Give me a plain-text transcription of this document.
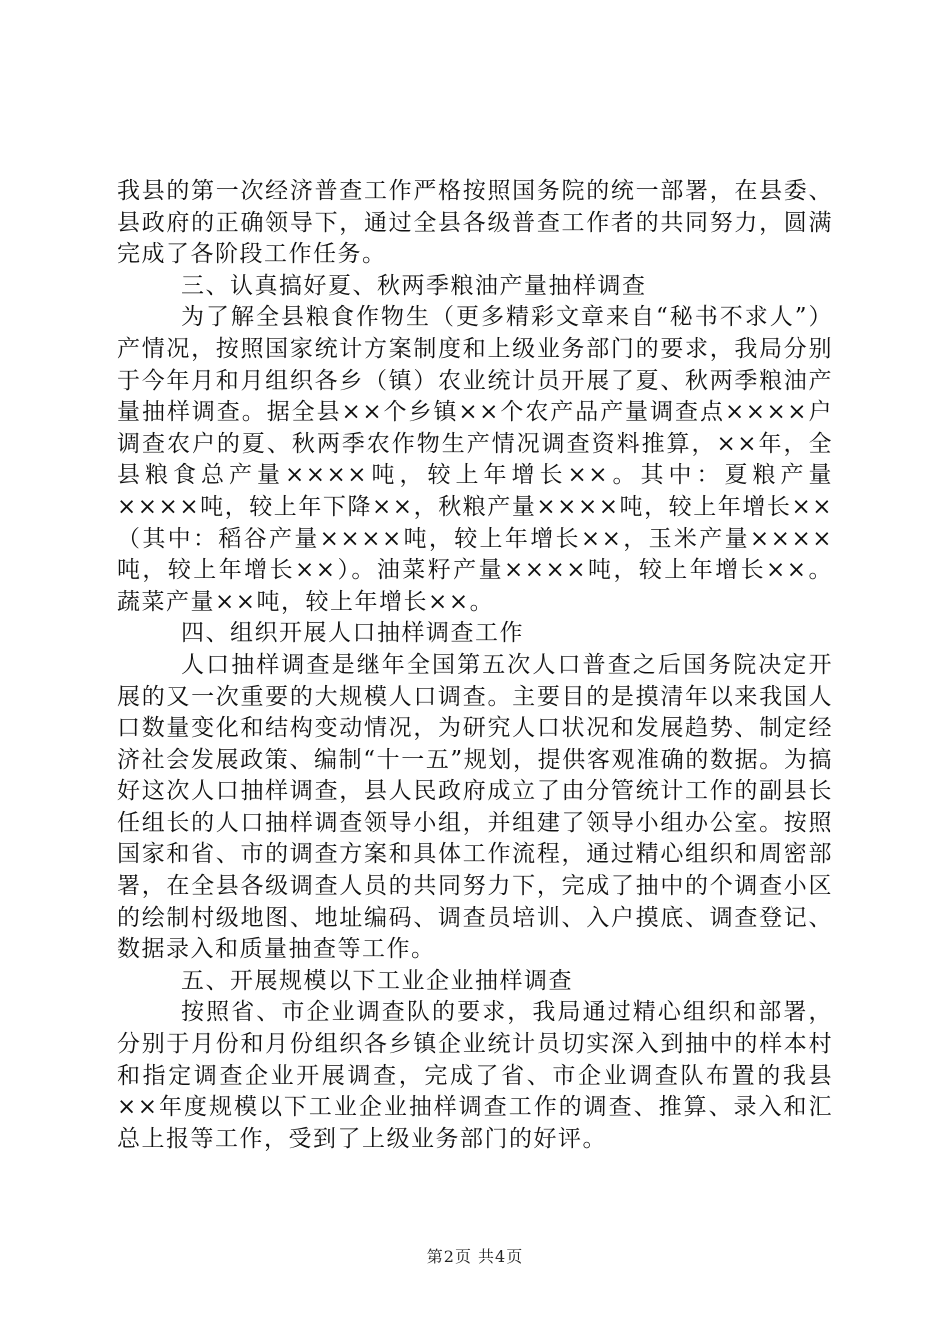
我县的第一次经济普查工作严格按照国务院的统一部署，在县委、县政府的正确领导下，通过全县各级普查工作者的共同努力，圆满完成了各阶段工作任务。

三、认真搞好夏、秋两季粮油产量抽样调查

为了解全县粮食作物生（更多精彩文章来自“秘书不求人”）产情况，按照国家统计方案制度和上级业务部门的要求，我局分别于今年月和月组织各乡（镇）农业统计员开展了夏、秋两季粮油产量抽样调查。据全县××个乡镇××个农产品产量调查点××××户调查农户的夏、秋两季农作物生产情况调查资料推算，××年，全县粮食总产量××××吨，较上年增长××。其中：夏粮产量××××吨，较上年下降××，秋粮产量××××吨，较上年增长××（其中：稻谷产量××××吨，较上年增长××，玉米产量××××吨，较上年增长××）。油菜籽产量××××吨，较上年增长××。蔬菜产量××吨，较上年增长××。

四、组织开展人口抽样调查工作

人口抽样调查是继年全国第五次人口普查之后国务院决定开展的又一次重要的大规模人口调查。主要目的是摸清年以来我国人口数量变化和结构变动情况，为研究人口状况和发展趋势、制定经济社会发展政策、编制“十一五”规划，提供客观准确的数据。为搞好这次人口抽样调查，县人民政府成立了由分管统计工作的副县长任组长的人口抽样调查领导小组，并组建了领导小组办公室。按照国家和省、市的调查方案和具体工作流程，通过精心组织和周密部署，在全县各级调查人员的共同努力下，完成了抽中的个调查小区的绘制村级地图、地址编码、调查员培训、入户摸底、调查登记、数据录入和质量抽查等工作。

五、开展规模以下工业企业抽样调查

按照省、市企业调查队的要求，我局通过精心组织和部署，分别于月份和月份组织各乡镇企业统计员切实深入到抽中的样本村和指定调查企业开展调查，完成了省、市企业调查队布置的我县××年度规模以下工业企业抽样调查工作的调查、推算、录入和汇总上报等工作，受到了上级业务部门的好评。

第2页 共4页
